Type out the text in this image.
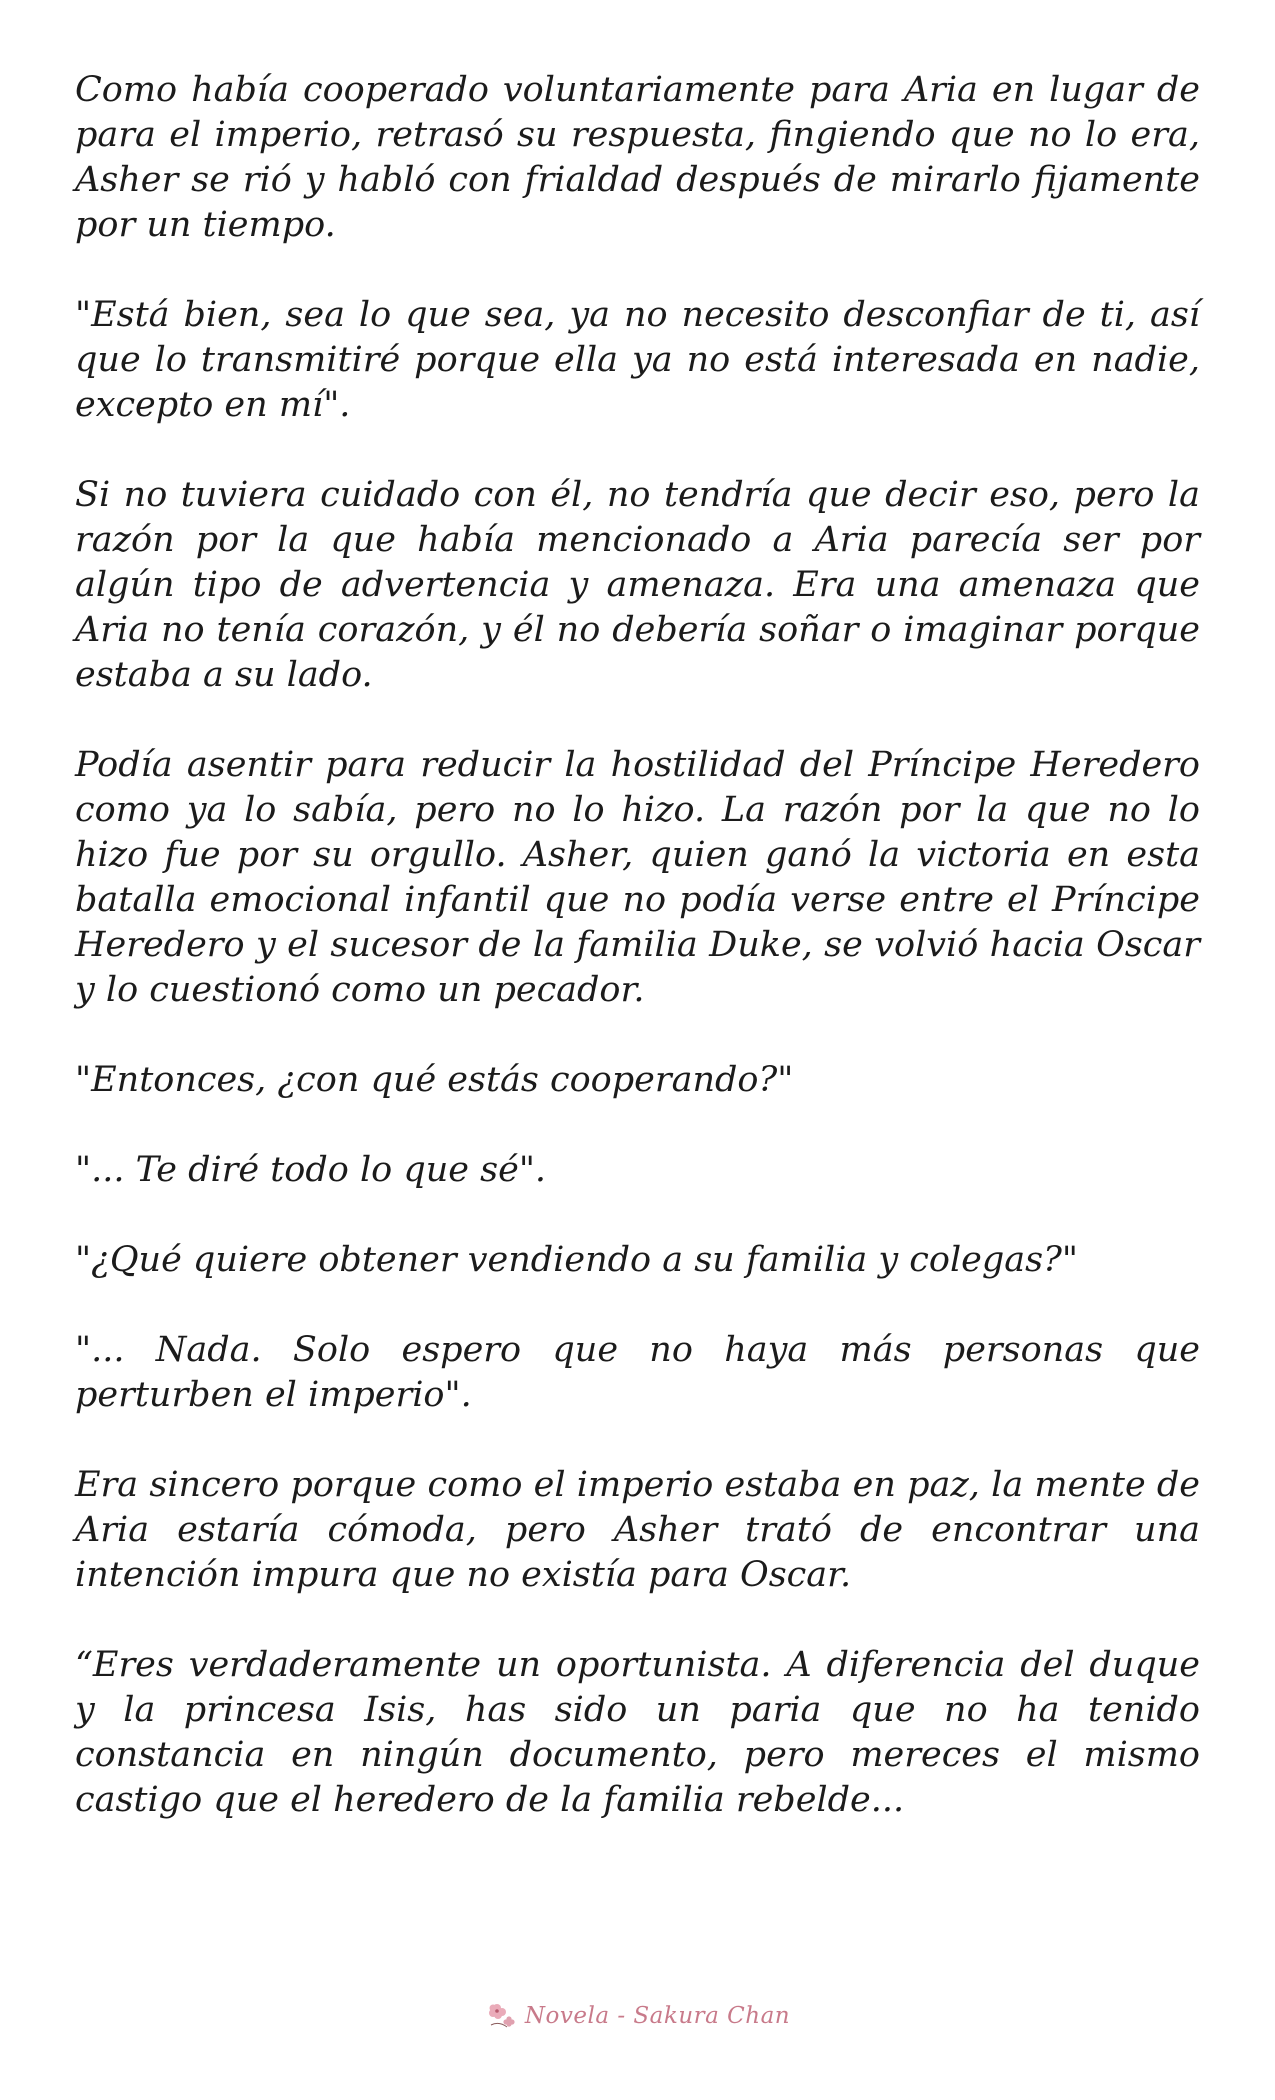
Como había cooperado voluntariamente para Aria en lugar de para el imperio, retrasó su respuesta, fingiendo que no lo era, Asher se rió y habló con frialdad después de mirarlo fijamente por un tiempo.

"Está bien, sea lo que sea, ya no necesito desconfiar de ti, así que lo transmitiré porque ella ya no está interesada en nadie, excepto en mí".

Si no tuviera cuidado con él, no tendría que decir eso, pero la razón por la que había mencionado a Aria parecía ser por algún tipo de advertencia y amenaza. Era una amenaza que Aria no tenía corazón, y él no debería soñar o imaginar porque estaba a su lado.

Podía asentir para reducir la hostilidad del Príncipe Heredero como ya lo sabía, pero no lo hizo. La razón por la que no lo hizo fue por su orgullo. Asher, quien ganó la victoria en esta batalla emocional infantil que no podía verse entre el Príncipe Heredero y el sucesor de la familia Duke, se volvió hacia Oscar y lo cuestionó como un pecador.

"Entonces, ¿con qué estás cooperando?"

"... Te diré todo lo que sé".

"¿Qué quiere obtener vendiendo a su familia y colegas?"

"... Nada. Solo espero que no haya más personas que perturben el imperio".

Era sincero porque como el imperio estaba en paz, la mente de Aria estaría cómoda, pero Asher trató de encontrar una intención impura que no existía para Oscar.

“Eres verdaderamente un oportunista. A diferencia del duque y la princesa Isis, has sido un paria que no ha tenido constancia en ningún documento, pero mereces el mismo castigo que el heredero de la familia rebelde...

Novela - Sakura Chan
